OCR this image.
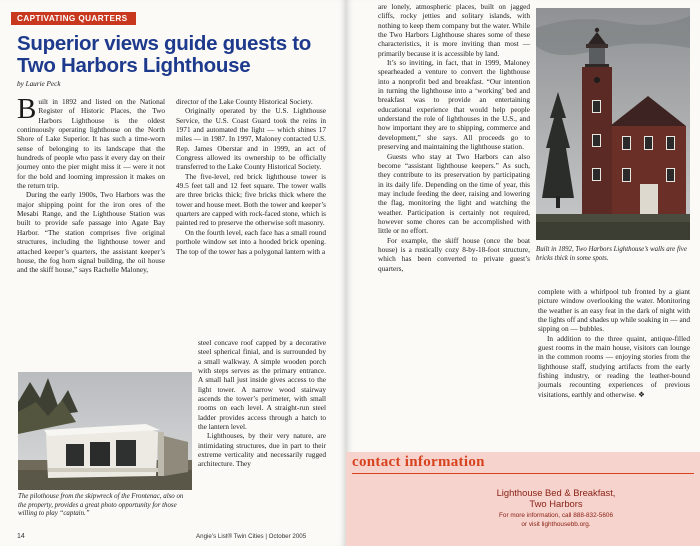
CAPTIVATING QUARTERS
Superior views guide guests to Two Harbors Lighthouse
by Laurie Peck

Built in 1892 and listed on the National Register of Historic Places, the Two Harbors Lighthouse is the oldest continuously operating lighthouse on the North Shore of Lake Superior. It has such a time-worn sense of belonging to its landscape that the hundreds of people who pass it every day on their journey onto the pier might miss it — were it not for the bold and looming impression it makes on the return trip.

During the early 1900s, Two Harbors was the major shipping point for the iron ores of the Mesabi Range, and the Lighthouse Station was built to provide safe passage into Agate Bay Harbor. “The station comprises five original structures, including the lighthouse tower and attached keeper’s quarters, the assistant keeper’s house, the fog horn signal building, the oil house and the skiff house,” says Rachelle Maloney,

director of the Lake County Historical Society.

Originally operated by the U.S. Lighthouse Service, the U.S. Coast Guard took the reins in 1971 and automated the light — which shines 17 miles — in 1987. In 1997, Maloney contacted U.S. Rep. James Oberstar and in 1999, an act of Congress allowed its ownership to be officially transferred to the Lake County Historical Society.

The five-level, red brick lighthouse tower is 49.5 feet tall and 12 feet square. The tower walls are three bricks thick; five bricks thick where the tower and house meet. Both the tower and keeper’s quarters are capped with rock-faced stone, which is painted red to preserve the otherwise soft masonry.

On the fourth level, each face has a small round porthole window set into a hooded brick opening. The top of the tower has a polygonal lantern with a

steel concave roof capped by a decorative steel spherical finial, and is surrounded by a small walkway. A simple wooden porch with steps serves as the primary entrance. A small hall just inside gives access to the light tower. A narrow wood stairway ascends the tower’s perimeter, with small rooms on each level. A straight-run steel ladder provides access through a hatch to the lantern level.

Lighthouses, by their very nature, are intimidating structures, due in part to their extreme verticality and necessarily rugged architecture. They

The pilothouse from the skipwreck of the Frontenac, also on the property, provides a great photo opportunity for those willing to play “captain.”
14	Angie’s List® Twin Cities | October 2005

are lonely, atmospheric places, built on jagged cliffs, rocky jetties and solitary islands, with nothing to keep them company but the water. While the Two Harbors Lighthouse shares some of these characteristics, it is more inviting than most — primarily because it is accessible by land.

It’s so inviting, in fact, that in 1999, Maloney spearheaded a venture to convert the lighthouse into a nonprofit bed and breakfast. “Our intention in turning the lighthouse into a ‘working’ bed and breakfast was to provide an entertaining educational experience that would help people understand the role of lighthouses in the U.S., and how important they are to shipping, commerce and development,” she says. All proceeds go to preserving and maintaining the lighthouse station.

Guests who stay at Two Harbors can also become “assistant lighthouse keepers.” As such, they contribute to its preservation by participating in its daily life. Depending on the time of year, this may include feeding the deer, raising and lowering the flag, monitoring the light and watching the weather. Participation is certainly not required, however some chores can be accomplished with little or no effort.

For example, the skiff house (once the boat house) is a rustically cozy 8-by-18-foot structure, which has been converted to private guest’s quarters,

Built in 1892, Two Harbors Lighthouse’s walls are five bricks thick in some spots.

complete with a whirlpool tub fronted by a giant picture window overlooking the water. Monitoring the weather is an easy feat in the dark of night with the lights off and shades up while soaking in — and sipping on — bubbles.

In addition to the three quaint, antique-filled guest rooms in the main house, visitors can lounge in the common rooms — enjoying stories from the lighthouse staff, studying artifacts from the early fishing industry, or reading the leather-bound journals recounting experiences of previous visitations, earthly and otherwise. ❖

contact information
Lighthouse Bed & Breakfast,
Two Harbors
For more information, call 888-832-5606
or visit lighthousebb.org.
